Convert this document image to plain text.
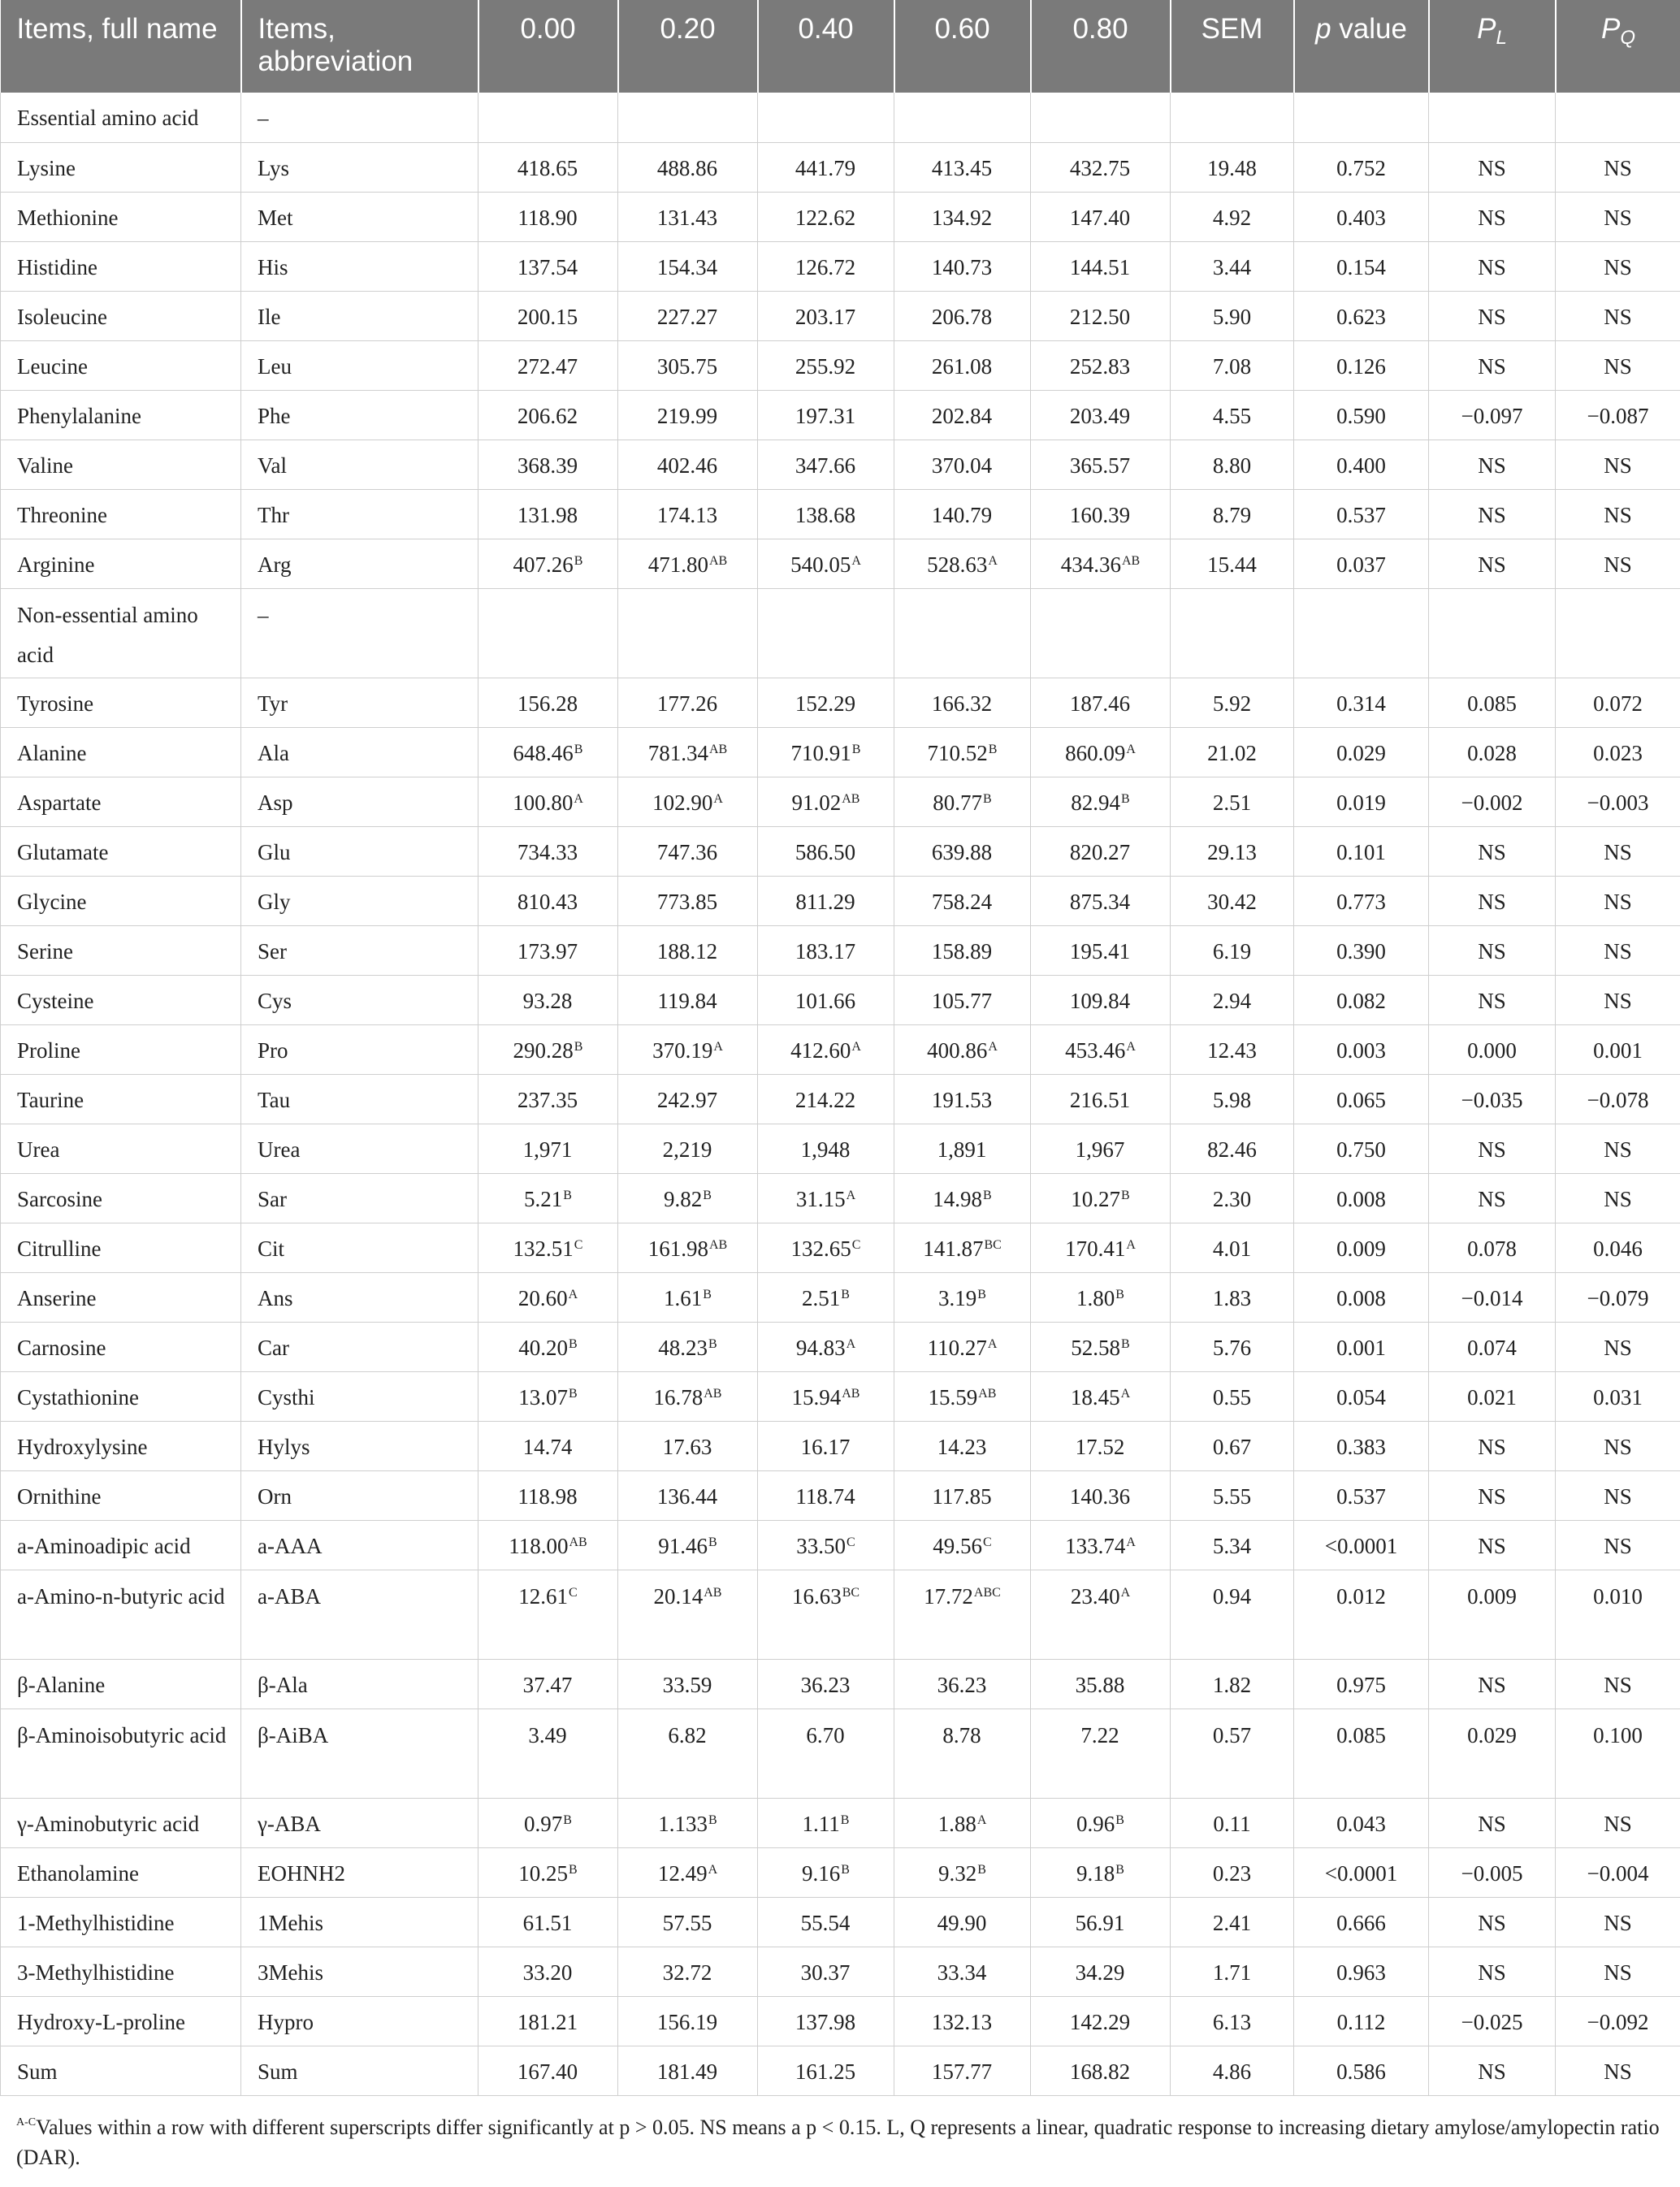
Items, full name	Items, abbreviation	0.00	0.20	0.40	0.60	0.80	SEM	p value	$P_L$	$P_Q$
Essential amino acid	–									
Lysine	Lys	418.65	488.86	441.79	413.45	432.75	19.48	0.752	NS	NS
Methionine	Met	118.90	131.43	122.62	134.92	147.40	4.92	0.403	NS	NS
Histidine	His	137.54	154.34	126.72	140.73	144.51	3.44	0.154	NS	NS
Isoleucine	Ile	200.15	227.27	203.17	206.78	212.50	5.90	0.623	NS	NS
Leucine	Leu	272.47	305.75	255.92	261.08	252.83	7.08	0.126	NS	NS
Phenylalanine	Phe	206.62	219.99	197.31	202.84	203.49	4.55	0.590	−0.097	−0.087
Valine	Val	368.39	402.46	347.66	370.04	365.57	8.80	0.400	NS	NS
Threonine	Thr	131.98	174.13	138.68	140.79	160.39	8.79	0.537	NS	NS
Arginine	Arg	$407.26^B$	$471.80^{AB}$	$540.05^A$	$528.63^A$	$434.36^{AB}$	15.44	0.037	NS	NS
Non-essential amino acid	–									
Tyrosine	Tyr	156.28	177.26	152.29	166.32	187.46	5.92	0.314	0.085	0.072
Alanine	Ala	$648.46^B$	$781.34^{AB}$	$710.91^B$	$710.52^B$	$860.09^A$	21.02	0.029	0.028	0.023
Aspartate	Asp	$100.80^A$	$102.90^A$	$91.02^{AB}$	$80.77^B$	$82.94^B$	2.51	0.019	−0.002	−0.003
Glutamate	Glu	734.33	747.36	586.50	639.88	820.27	29.13	0.101	NS	NS
Glycine	Gly	810.43	773.85	811.29	758.24	875.34	30.42	0.773	NS	NS
Serine	Ser	173.97	188.12	183.17	158.89	195.41	6.19	0.390	NS	NS
Cysteine	Cys	93.28	119.84	101.66	105.77	109.84	2.94	0.082	NS	NS
Proline	Pro	$290.28^B$	$370.19^A$	$412.60^A$	$400.86^A$	$453.46^A$	12.43	0.003	0.000	0.001
Taurine	Tau	237.35	242.97	214.22	191.53	216.51	5.98	0.065	−0.035	−0.078
Urea	Urea	1,971	2,219	1,948	1,891	1,967	82.46	0.750	NS	NS
Sarcosine	Sar	$5.21^B$	$9.82^B$	$31.15^A$	$14.98^B$	$10.27^B$	2.30	0.008	NS	NS
Citrulline	Cit	$132.51^C$	$161.98^{AB}$	$132.65^C$	$141.87^{BC}$	$170.41^A$	4.01	0.009	0.078	0.046
Anserine	Ans	$20.60^A$	$1.61^B$	$2.51^B$	$3.19^B$	$1.80^B$	1.83	0.008	−0.014	−0.079
Carnosine	Car	$40.20^B$	$48.23^B$	$94.83^A$	$110.27^A$	$52.58^B$	5.76	0.001	0.074	NS
Cystathionine	Cysthi	$13.07^B$	$16.78^{AB}$	$15.94^{AB}$	$15.59^{AB}$	$18.45^A$	0.55	0.054	0.021	0.031
Hydroxylysine	Hylys	14.74	17.63	16.17	14.23	17.52	0.67	0.383	NS	NS
Ornithine	Orn	118.98	136.44	118.74	117.85	140.36	5.55	0.537	NS	NS
a-Aminoadipic acid	a-AAA	$118.00^{AB}$	$91.46^B$	$33.50^C$	$49.56^C$	$133.74^A$	5.34	<0.0001	NS	NS
a-Amino-n-butyric acid	a-ABA	$12.61^C$	$20.14^{AB}$	$16.63^{BC}$	$17.72^{ABC}$	$23.40^A$	0.94	0.012	0.009	0.010
β-Alanine	β-Ala	37.47	33.59	36.23	36.23	35.88	1.82	0.975	NS	NS
β-Aminoisobutyric acid	β-AiBA	3.49	6.82	6.70	8.78	7.22	0.57	0.085	0.029	0.100
γ-Aminobutyric acid	γ-ABA	$0.97^B$	$1.133^B$	$1.11^B$	$1.88^A$	$0.96^B$	0.11	0.043	NS	NS
Ethanolamine	EOHNH2	$10.25^B$	$12.49^A$	$9.16^B$	$9.32^B$	$9.18^B$	0.23	<0.0001	−0.005	−0.004
1-Methylhistidine	1Mehis	61.51	57.55	55.54	49.90	56.91	2.41	0.666	NS	NS
3-Methylhistidine	3Mehis	33.20	32.72	30.37	33.34	34.29	1.71	0.963	NS	NS
Hydroxy-L-proline	Hypro	181.21	156.19	137.98	132.13	142.29	6.13	0.112	−0.025	−0.092
Sum	Sum	167.40	181.49	161.25	157.77	168.82	4.86	0.586	NS	NS
$^{A-C}$Values within a row with different superscripts differ significantly at p > 0.05. NS means a p < 0.15. L, Q represents a linear, quadratic response to increasing dietary amylose/amylopectin ratio (DAR).
